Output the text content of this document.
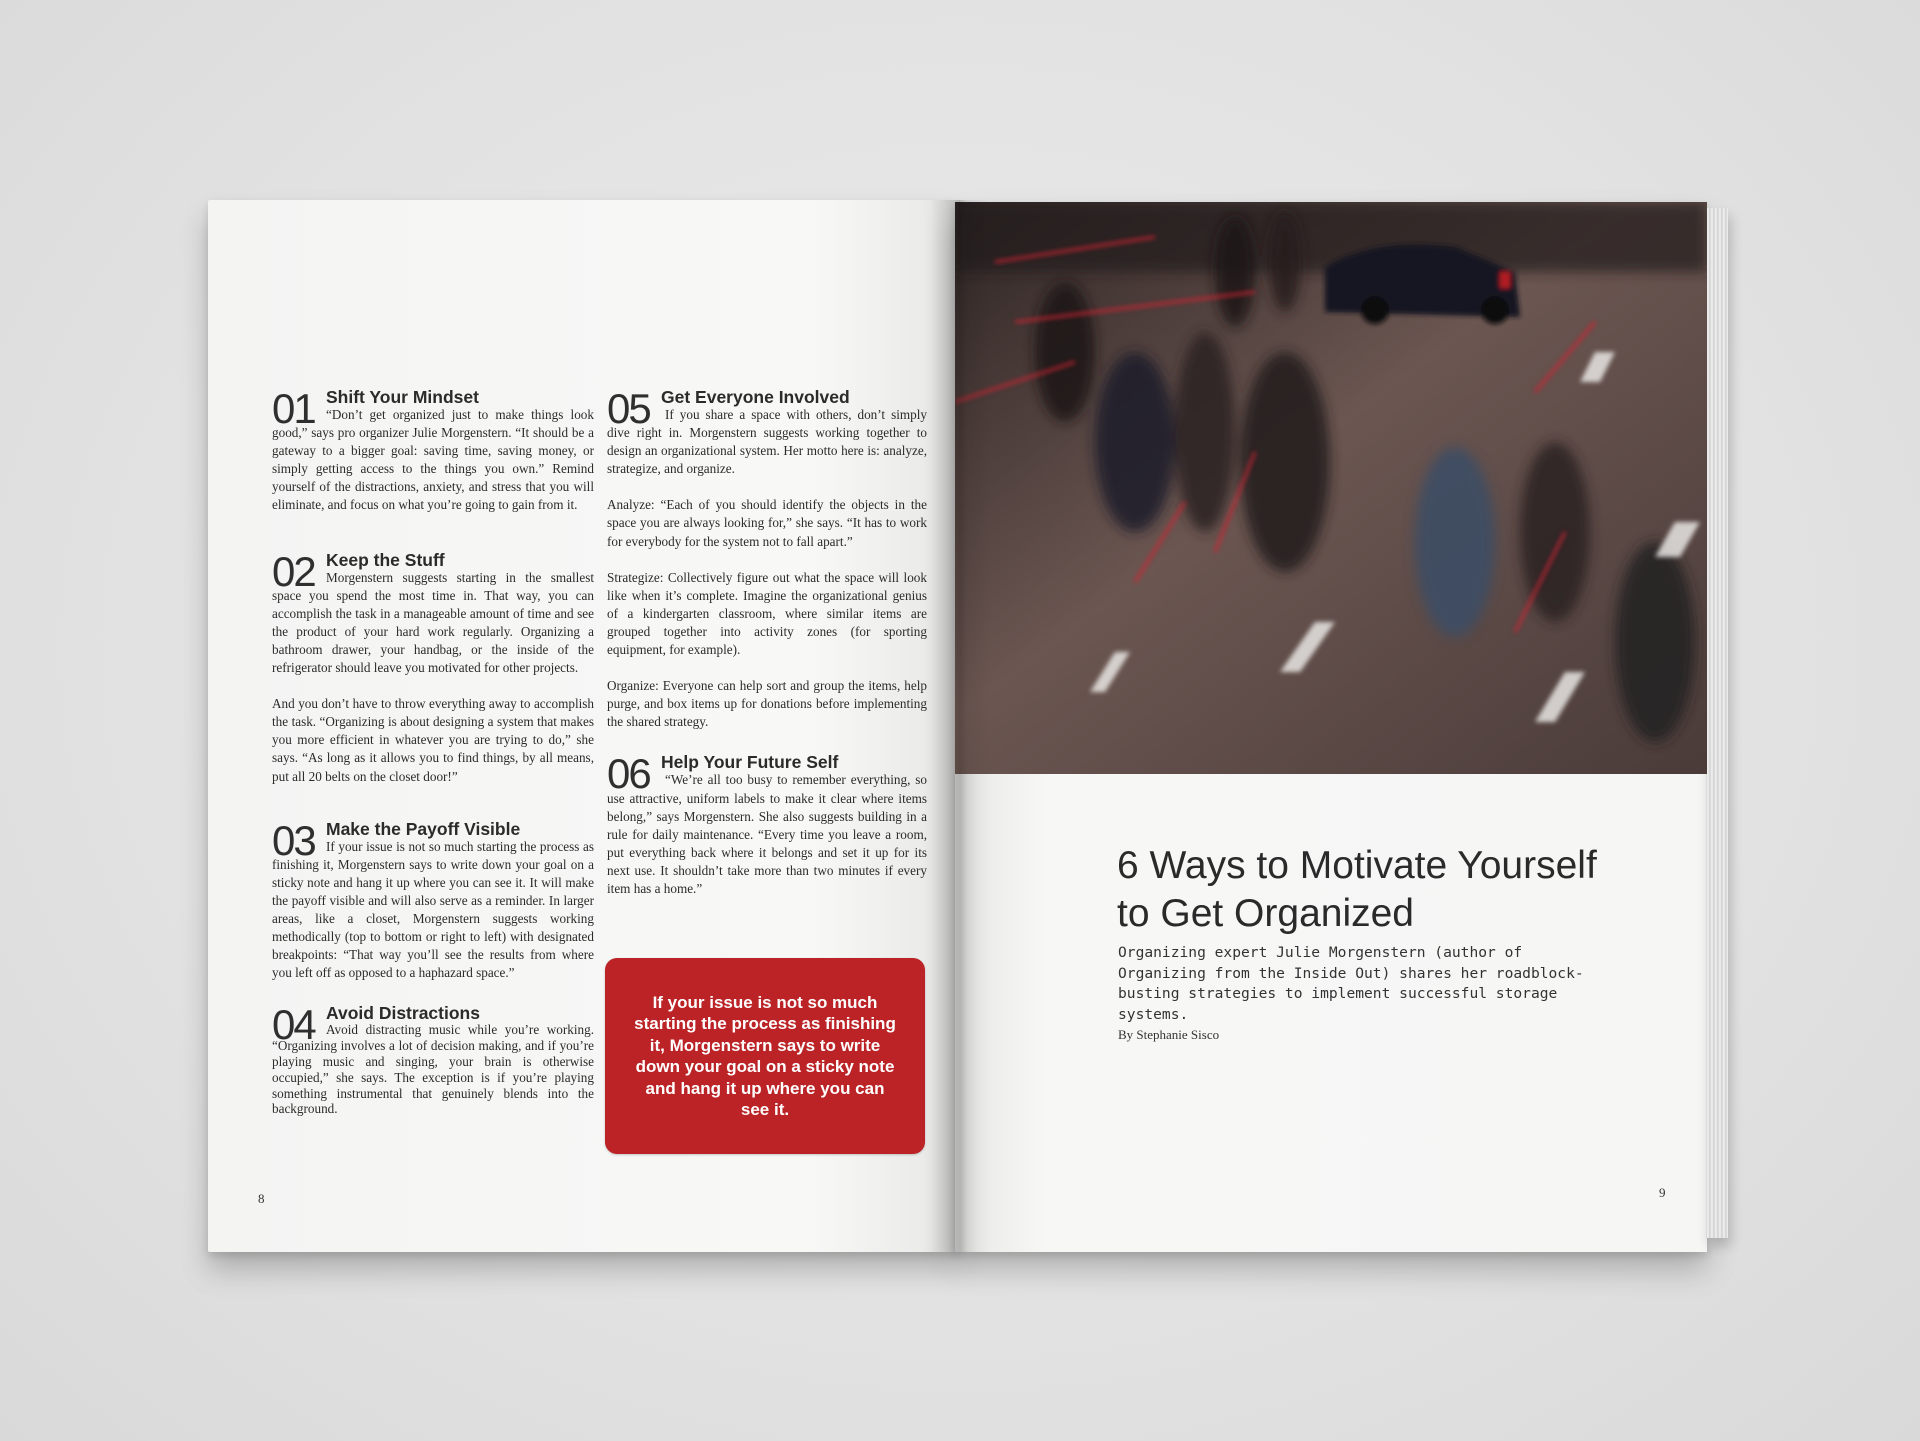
01 Shift Your Mindset

“Don’t get organized just to make things look good,” says pro organizer Julie Morgenstern. “It should be a gateway to a bigger goal: saving time, saving money, or simply getting access to the things you own.” Remind yourself of the distractions, anxiety, and stress that you will eliminate, and focus on what you’re going to gain from it.

02 Keep the Stuff

Morgenstern suggests starting in the smallest space you spend the most time in. That way, you can accomplish the task in a manageable amount of time and see the product of your hard work regularly. Organizing a bathroom drawer, your handbag, or the inside of the refrigerator should leave you motivated for other projects.

And you don’t have to throw everything away to accomplish the task. “Organizing is about designing a system that makes you more efficient in whatever you are trying to do,” she says. “As long as it allows you to find things, by all means, put all 20 belts on the closet door!”

03 Make the Payoff Visible

If your issue is not so much starting the process as finishing it, Morgenstern says to write down your goal on a sticky note and hang it up where you can see it. It will make the payoff visible and will also serve as a reminder. In larger areas, like a closet, Morgenstern suggests working methodically (top to bottom or right to left) with designated breakpoints: “That way you’ll see the results from where you left off as opposed to a haphazard space.”

04 Avoid Distractions

Avoid distracting music while you’re working. “Organizing involves a lot of decision making, and if you’re playing music and singing, your brain is otherwise occupied,” she says. The exception is if you’re playing something instrumental that genuinely blends into the background.

05 Get Everyone Involved

If you share a space with others, don’t simply dive right in. Morgenstern suggests working together to design an organizational system. Her motto here is: analyze, strategize, and organize.

Analyze: “Each of you should identify the objects in the space you are always looking for,” she says. “It has to work for everybody for the system not to fall apart.”

Strategize: Collectively figure out what the space will look like when it’s complete. Imagine the organizational genius of a kindergarten classroom, where similar items are grouped together into activity zones (for sporting equipment, for example).

Organize: Everyone can help sort and group the items, help purge, and box items up for donations before implementing the shared strategy.

06 Help Your Future Self

“We’re all too busy to remember everything, so use attractive, uniform labels to make it clear where items belong,” says Morgenstern. She also suggests building in a rule for daily maintenance. “Every time you leave a room, put everything back where it belongs and set it up for its next use. It shouldn’t take more than two minutes if every item has a home.”

If your issue is not so much starting the process as finishing it, Morgenstern says to write down your goal on a sticky note and hang it up where you can see it.
8
6 Ways to Motivate Yourself to Get Organized
Organizing expert Julie Morgenstern (author of Organizing from the Inside Out) shares her roadblock-busting strategies to implement successful storage systems.
By Stephanie Sisco
9
